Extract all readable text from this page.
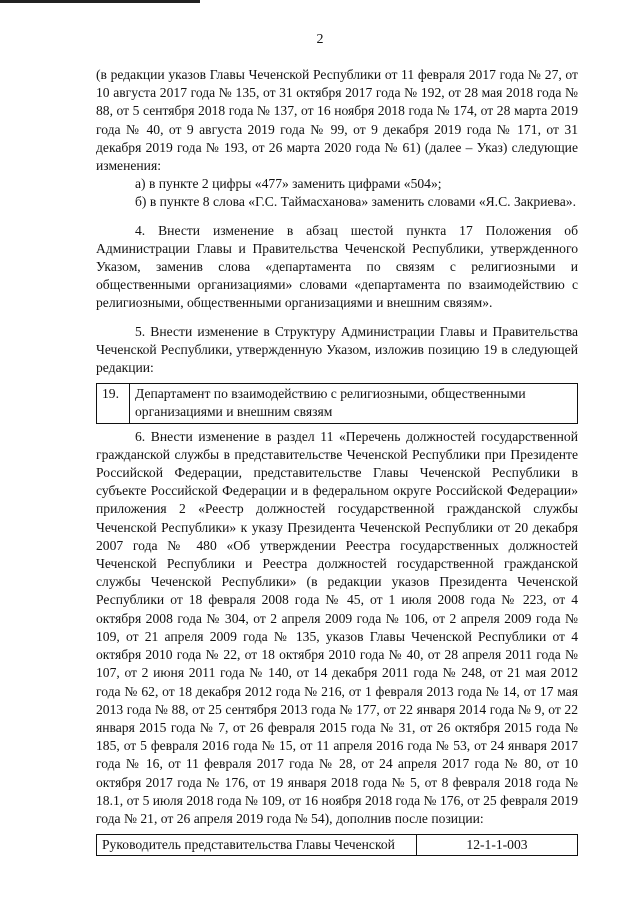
2

(в редакции указов Главы Чеченской Республики от 11 февраля 2017 года № 27, от 10 августа 2017 года № 135, от 31 октября 2017 года № 192, от 28 мая 2018 года № 88, от 5 сентября 2018 года № 137, от 16 ноября 2018 года № 174, от 28 марта 2019 года № 40, от 9 августа 2019 года № 99, от 9 декабря 2019 года № 171, от 31 декабря 2019 года № 193, от 26 марта 2020 года № 61) (далее – Указ) следующие изменения:

а) в пункте 2 цифры «477» заменить цифрами «504»;

б) в пункте 8 слова «Г.С. Таймасханова» заменить словами «Я.С. Закриева».

4. Внести изменение в абзац шестой пункта 17 Положения об Администрации Главы и Правительства Чеченской Республики, утвержденного Указом, заменив слова «департамента по связям с религиозными и общественными организациями» словами «департамента по взаимодействию с религиозными, общественными организациями и внешним связям».

5. Внести изменение в Структуру Администрации Главы и Правительства Чеченской Республики, утвержденную Указом, изложив позицию 19 в следующей редакции:

19.	Департамент по взаимодействию с религиозными, общественными организациями и внешним связям

6. Внести изменение в раздел 11 «Перечень должностей государственной гражданской службы в представительстве Чеченской Республики при Президенте Российской Федерации, представительстве Главы Чеченской Республики в субъекте Российской Федерации и в федеральном округе Российской Федерации» приложения 2 «Реестр должностей государственной гражданской службы Чеченской Республики» к указу Президента Чеченской Республики от 20 декабря 2007 года № 480 «Об утверждении Реестра государственных должностей Чеченской Республики и Реестра должностей государственной гражданской службы Чеченской Республики» (в редакции указов Президента Чеченской Республики от 18 февраля 2008 года № 45, от 1 июля 2008 года № 223, от 4 октября 2008 года № 304, от 2 апреля 2009 года № 106, от 2 апреля 2009 года № 109, от 21 апреля 2009 года № 135, указов Главы Чеченской Республики от 4 октября 2010 года № 22, от 18 октября 2010 года № 40, от 28 апреля 2011 года № 107, от 2 июня 2011 года № 140, от 14 декабря 2011 года № 248, от 21 мая 2012 года № 62, от 18 декабря 2012 года № 216, от 1 февраля 2013 года № 14, от 17 мая 2013 года № 88, от 25 сентября 2013 года № 177, от 22 января 2014 года № 9, от 22 января 2015 года № 7, от 26 февраля 2015 года № 31, от 26 октября 2015 года № 185, от 5 февраля 2016 года № 15, от 11 апреля 2016 года № 53, от 24 января 2017 года № 16, от 11 февраля 2017 года № 28, от 24 апреля 2017 года № 80, от 10 октября 2017 года № 176, от 19 января 2018 года № 5, от 8 февраля 2018 года № 18.1, от 5 июля 2018 года № 109, от 16 ноября 2018 года № 176, от 25 февраля 2019 года № 21, от 26 апреля 2019 года № 54), дополнив после позиции:

Руководитель представительства Главы Чеченской	12-1-1-003
